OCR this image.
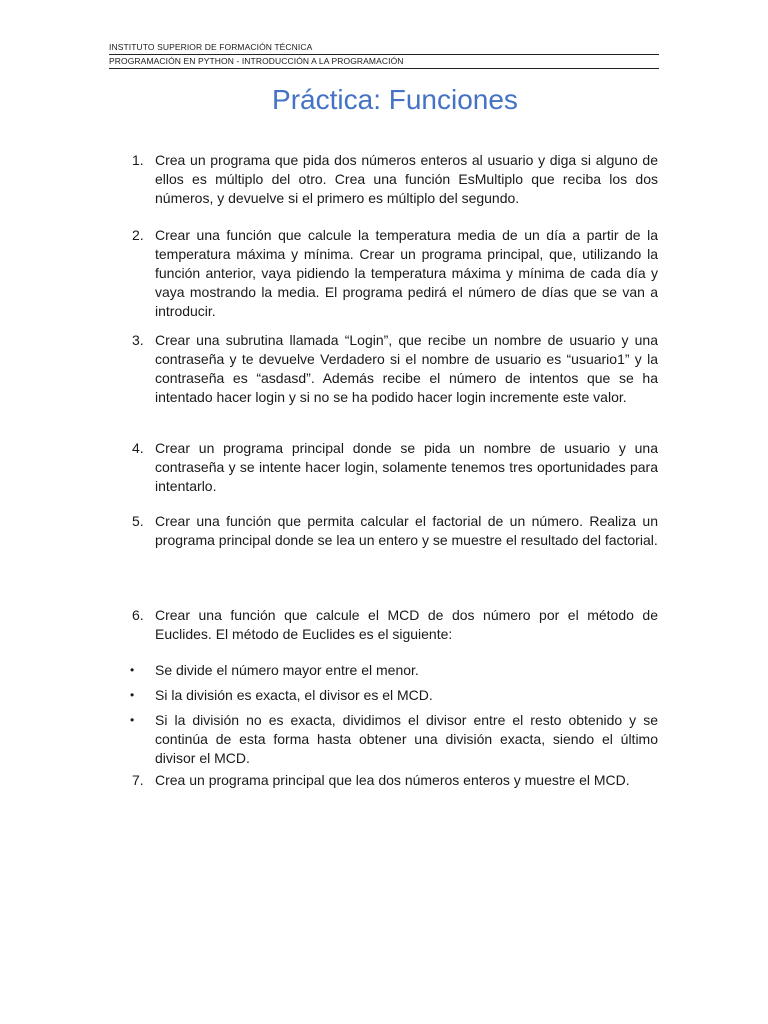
INSTITUTO SUPERIOR DE FORMACIÓN TÉCNICA
PROGRAMACIÓN EN PYTHON - INTRODUCCIÓN A LA PROGRAMACIÓN
Práctica: Funciones
1. Crea un programa que pida dos números enteros al usuario y diga si alguno de ellos es múltiplo del otro. Crea una función EsMultiplo que reciba los dos números, y devuelve si el primero es múltiplo del segundo.
2. Crear una función que calcule la temperatura media de un día a partir de la temperatura máxima y mínima. Crear un programa principal, que, utilizando la función anterior, vaya pidiendo la temperatura máxima y mínima de cada día y vaya mostrando la media. El programa pedirá el número de días que se van a introducir.
3. Crear una subrutina llamada “Login”, que recibe un nombre de usuario y una contraseña y te devuelve Verdadero si el nombre de usuario es “usuario1” y la contraseña es “asdasd”. Además recibe el número de intentos que se ha intentado hacer login y si no se ha podido hacer login incremente este valor.
4. Crear un programa principal donde se pida un nombre de usuario y una contraseña y se intente hacer login, solamente tenemos tres oportunidades para intentarlo.
5. Crear una función que permita calcular el factorial de un número. Realiza un programa principal donde se lea un entero y se muestre el resultado del factorial.
6. Crear una función que calcule el MCD de dos número por el método de Euclides. El método de Euclides es el siguiente:
•	Se divide el número mayor entre el menor.
•	Si la división es exacta, el divisor es el MCD.
•	Si la división no es exacta, dividimos el divisor entre el resto obtenido y se continúa de esta forma hasta obtener una división exacta, siendo el último divisor el MCD.
7. Crea un programa principal que lea dos números enteros y muestre el MCD.
